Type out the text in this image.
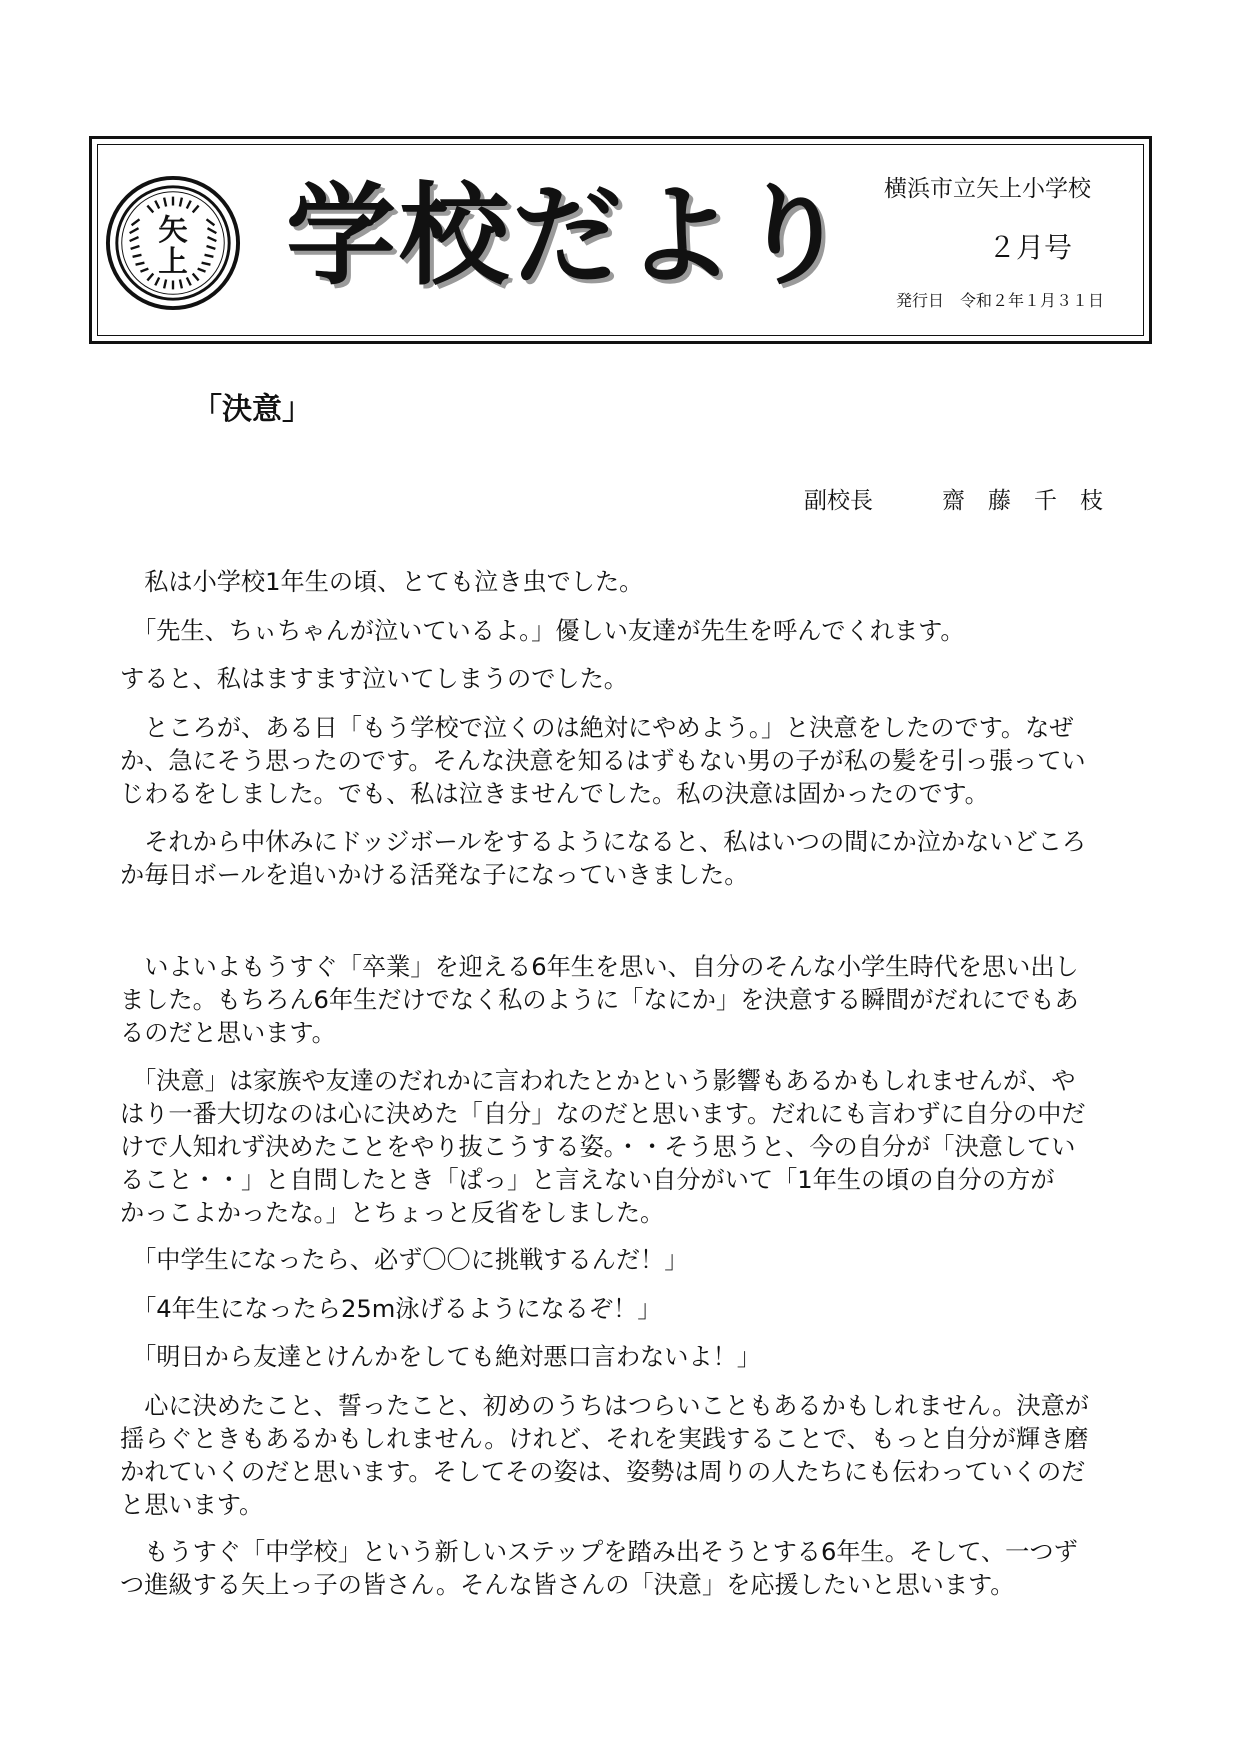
矢
上 学校だより 横浜市立矢上小学校
２月号
発行日　令和２年１月３１日
「決意」
副校長　　　齋　藤　千　枝
　私は小学校1年生の頃、とても泣き虫でした。
　「先生、ちぃちゃんが泣いているよ。」優しい友達が先生を呼んでくれます。
すると、私はますます泣いてしまうのでした。
　ところが、ある日「もう学校で泣くのは絶対にやめよう。」と決意をしたのです。なぜ
か、急にそう思ったのです。そんな決意を知るはずもない男の子が私の髪を引っ張ってい
じわるをしました。でも、私は泣きませんでした。私の決意は固かったのです。
　それから中休みにドッジボールをするようになると、私はいつの間にか泣かないどころ
か毎日ボールを追いかける活発な子になっていきました。
　いよいよもうすぐ「卒業」を迎える6年生を思い、自分のそんな小学生時代を思い出し
ました。もちろん6年生だけでなく私のように「なにか」を決意する瞬間がだれにでもあ
るのだと思います。
　「決意」は家族や友達のだれかに言われたとかという影響もあるかもしれませんが、や
はり一番大切なのは心に決めた「自分」なのだと思います。だれにも言わずに自分の中だ
けで人知れず決めたことをやり抜こうする姿。・・そう思うと、今の自分が「決意してい
ること・・」と自問したとき「ぱっ」と言えない自分がいて「1年生の頃の自分の方が
かっこよかったな。」とちょっと反省をしました。
　「中学生になったら、必ず〇〇に挑戦するんだ！」
　「4年生になったら25m泳げるようになるぞ！」
　「明日から友達とけんかをしても絶対悪口言わないよ！」
　心に決めたこと、誓ったこと、初めのうちはつらいこともあるかもしれません。決意が
揺らぐときもあるかもしれません。けれど、それを実践することで、もっと自分が輝き磨
かれていくのだと思います。そしてその姿は、姿勢は周りの人たちにも伝わっていくのだ
と思います。
　もうすぐ「中学校」という新しいステップを踏み出そうとする6年生。そして、一つず
つ進級する矢上っ子の皆さん。そんな皆さんの「決意」を応援したいと思います。
